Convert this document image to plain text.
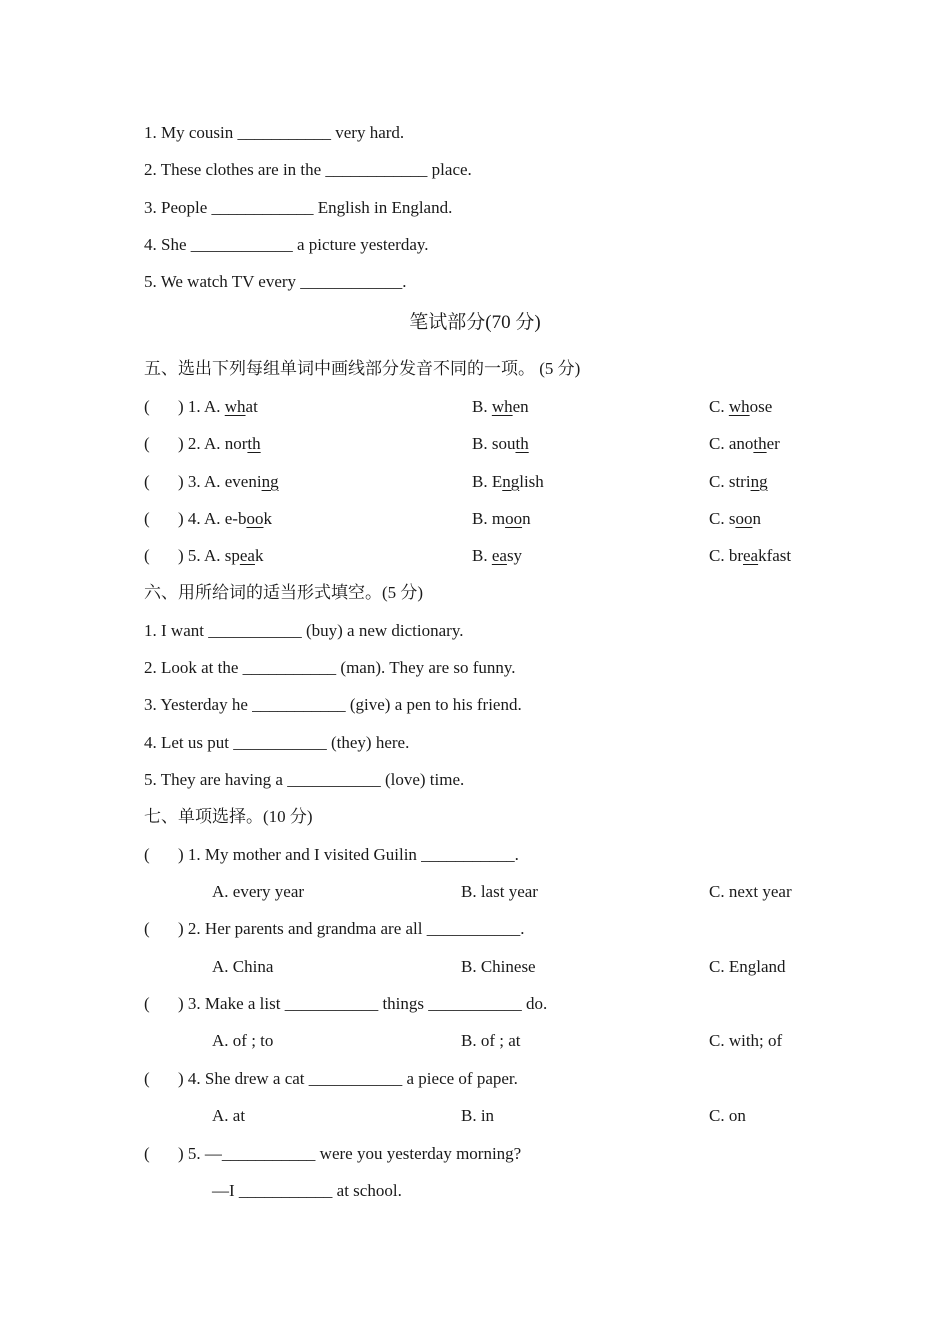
1. My cousin ___________ very hard.
2. These clothes are in the ____________ place.
3. People ____________ English in England.
4. She ____________ a picture yesterday.
5. We watch TV every ____________.
笔试部分(70 分)
五、选出下列每组单词中画线部分发音不同的一项。 (5 分)
( ) 1. A. what	B. when	C. whose
( ) 2. A. north	B. south	C. another
( ) 3. A. evening	B. English	C. string
( ) 4. A. e-book	B. moon	C. soon
( ) 5. A. speak	B. easy	C. breakfast
六、用所给词的适当形式填空。(5 分)
1. I want ___________ (buy) a new dictionary.
2. Look at the ___________ (man). They are so funny.
3. Yesterday he ___________ (give) a pen to his friend.
4. Let us put ___________ (they) here.
5. They are having a ___________ (love) time.
七、单项选择。(10 分)
( ) 1. My mother and I visited Guilin ___________.
A. every year	B. last year	C. next year
( ) 2. Her parents and grandma are all ___________.
A. China	B. Chinese	C. England
( ) 3. Make a list ___________ things ___________ do.
A. of ; to	B. of ; at	C. with; of
( ) 4. She drew a cat ___________ a piece of paper.
A. at	B. in	C. on
( ) 5. —___________ were you yesterday morning?
—I ___________ at school.
